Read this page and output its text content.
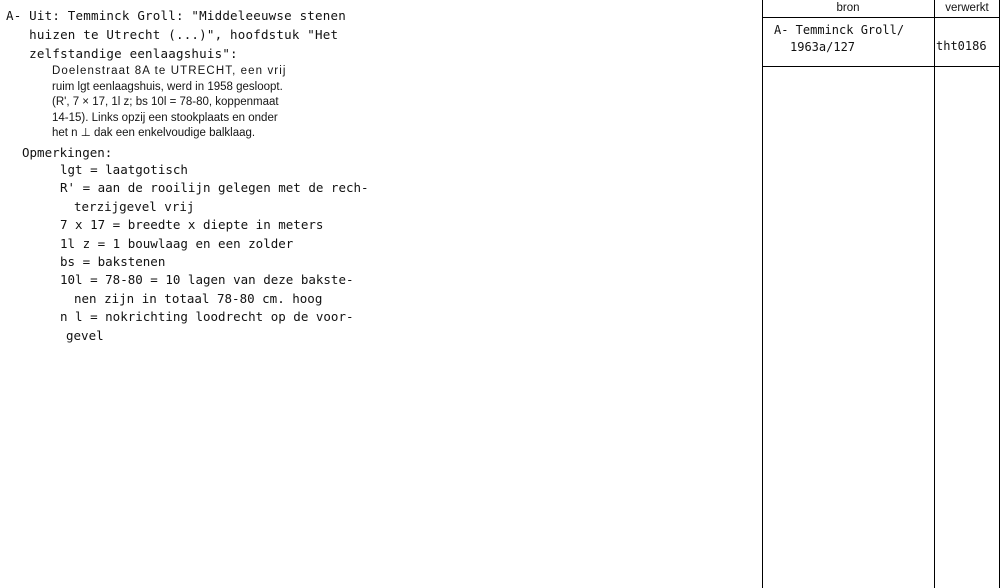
A- Uit: Temminck Groll: "Middeleeuwse stenen
huizen te Utrecht (...)", hoofdstuk "Het
zelfstandige eenlaagshuis":
Doelenstraat 8A te UTRECHT, een vrij
ruim lgt eenlaagshuis, werd in 1958 gesloopt.
(R', 7 × 17, 1l z; bs 10l = 78-80, koppenmaat
14-15). Links opzij een stookplaats en onder
het n ⊥ dak een enkelvoudige balklaag.
Opmerkingen:
lgt = laatgotisch
R' = aan de rooilijn gelegen met de rech-
terzijgevel vrij
7 x 17 = breedte x diepte in meters
1l z = 1 bouwlaag en een zolder
bs = bakstenen
10l = 78-80 = 10 lagen van deze bakste-
nen zijn in totaal 78-80 cm. hoog
n l = nokrichting loodrecht op de voor-
gevel
bron	verwerkt
A- Temminck Groll/
1963a/127	tht0186
